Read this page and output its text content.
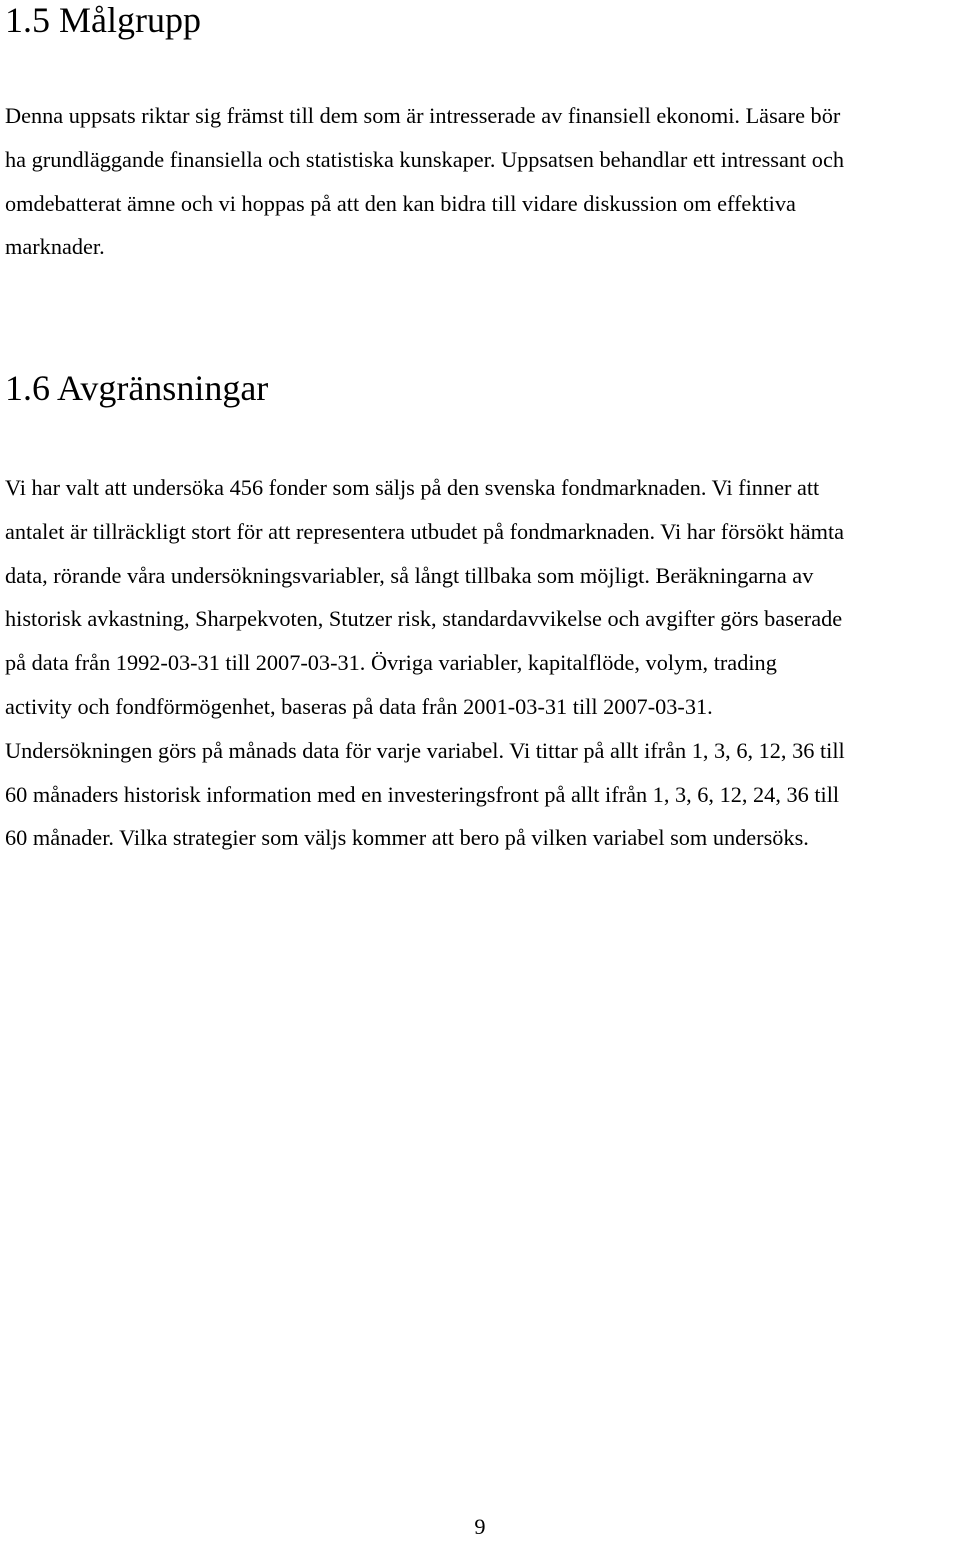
1.5 Målgrupp
Denna uppsats riktar sig främst till dem som är intresserade av finansiell ekonomi. Läsare bör
ha grundläggande finansiella och statistiska kunskaper. Uppsatsen behandlar ett intressant och
omdebatterat ämne och vi hoppas på att den kan bidra till vidare diskussion om effektiva
marknader.
1.6 Avgränsningar
Vi har valt att undersöka 456 fonder som säljs på den svenska fondmarknaden. Vi finner att
antalet är tillräckligt stort för att representera utbudet på fondmarknaden. Vi har försökt hämta
data, rörande våra undersökningsvariabler, så långt tillbaka som möjligt. Beräkningarna av
historisk avkastning, Sharpekvoten, Stutzer risk, standardavvikelse och avgifter görs baserade
på data från 1992-03-31 till 2007-03-31. Övriga variabler, kapitalflöde, volym, trading
activity och fondförmögenhet, baseras på data från 2001-03-31 till 2007-03-31.
Undersökningen görs på månads data för varje variabel. Vi tittar på allt ifrån 1, 3, 6, 12, 36 till
60 månaders historisk information med en investeringsfront på allt ifrån 1, 3, 6, 12, 24, 36 till
60 månader. Vilka strategier som väljs kommer att bero på vilken variabel som undersöks.
9
